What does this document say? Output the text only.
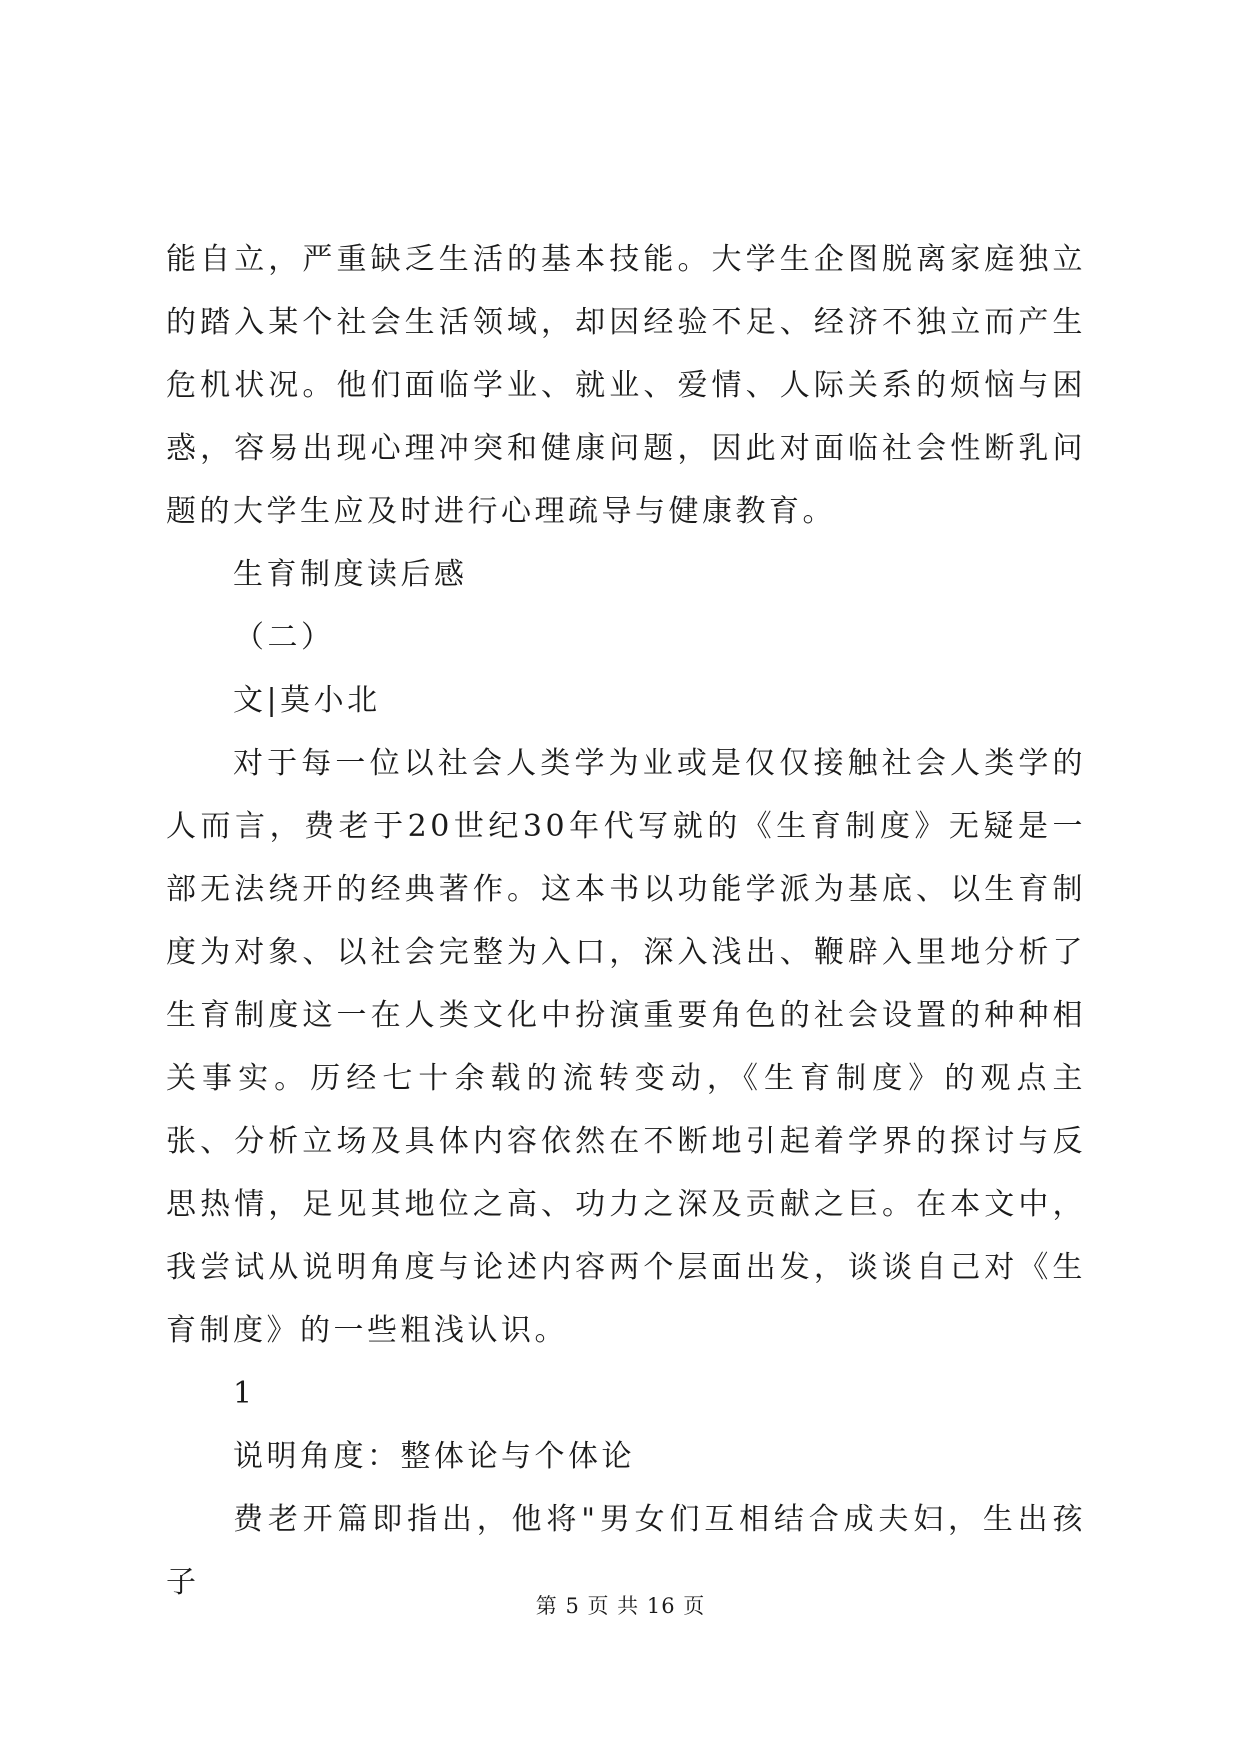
能自立，严重缺乏生活的基本技能。大学生企图脱离家庭独立的踏入某个社会生活领域，却因经验不足、经济不独立而产生危机状况。他们面临学业、就业、爱情、人际关系的烦恼与困惑，容易出现心理冲突和健康问题，因此对面临社会性断乳问题的大学生应及时进行心理疏导与健康教育。

生育制度读后感

（二）

文|莫小北

对于每一位以社会人类学为业或是仅仅接触社会人类学的人而言，费老于20世纪30年代写就的《生育制度》无疑是一部无法绕开的经典著作。这本书以功能学派为基底、以生育制度为对象、以社会完整为入口，深入浅出、鞭辟入里地分析了生育制度这一在人类文化中扮演重要角色的社会设置的种种相关事实。历经七十余载的流转变动，《生育制度》的观点主张、分析立场及具体内容依然在不断地引起着学界的探讨与反思热情，足见其地位之高、功力之深及贡献之巨。在本文中，我尝试从说明角度与论述内容两个层面出发，谈谈自己对《生育制度》的一些粗浅认识。

1

说明角度：整体论与个体论

费老开篇即指出，他将"男女们互相结合成夫妇，生出孩子

第 5 页 共 16 页
